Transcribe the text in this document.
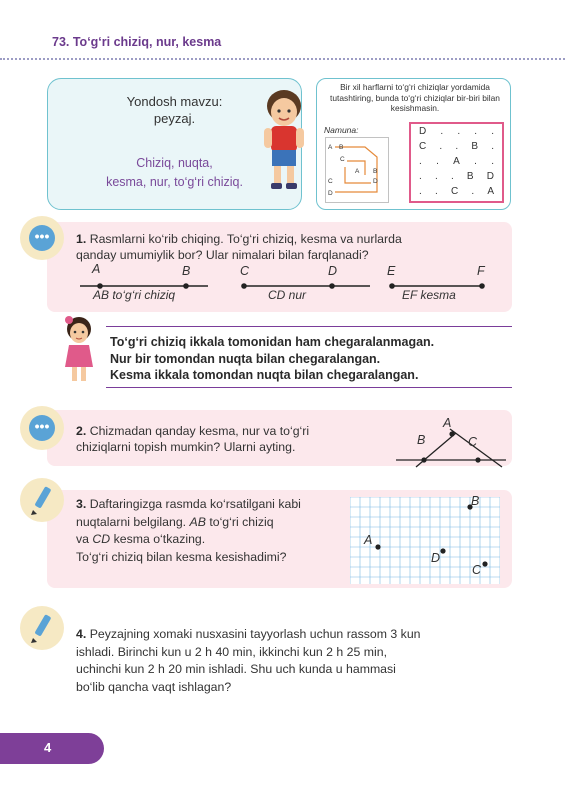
73. To‘g‘ri chiziq, nur, kesma
Yondosh mavzu:
peyzaj.
Chiziq, nuqta,
kesma, nur, to‘g‘ri chiziq.
Bir xil harflarni to‘g‘ri chiziqlar yordamida tutashtiring, bunda to‘g‘ri chiziqlar bir-biri bilan kesishmasin.
Namuna:
A B
C
A B
C	D
D
D . . . .
C . . B .
. . A . .
. . . B D
. . C . A
•••	1. Rasmlarni ko‘rib chiqing. To‘g‘ri chiziq, kesma va nurlarda
qanday umumiylik bor? Ular nimalari bilan farqlanadi?
A	B
AB to‘g‘ri chiziq
C	D
CD nur
E	F
EF kesma
To‘g‘ri chiziq ikkala tomonidan ham chegaralanmagan.
Nur bir tomondan nuqta bilan chegaralangan.
Kesma ikkala tomondan nuqta bilan chegaralangan.
•••	2. Chizmadan qanday kesma, nur va to‘g‘ri
chiziqlarni topish mumkin? Ularni ayting.
A
B	C
3. Daftaringizga rasmda ko‘rsatilgani kabi
nuqtalarni belgilang. AB to‘g‘ri chiziq
va CD kesma o‘tkazing.
To‘g‘ri chiziq bilan kesma kesishadimi?
A
B
C
D
4. Peyzajning xomaki nusxasini tayyorlash uchun rassom 3 kun
ishladi. Birinchi kun u 2 h 40 min, ikkinchi kun 2 h 25 min,
uchinchi kun 2 h 20 min ishladi. Shu uch kunda u hammasi
bo‘lib qancha vaqt ishlagan?
4
